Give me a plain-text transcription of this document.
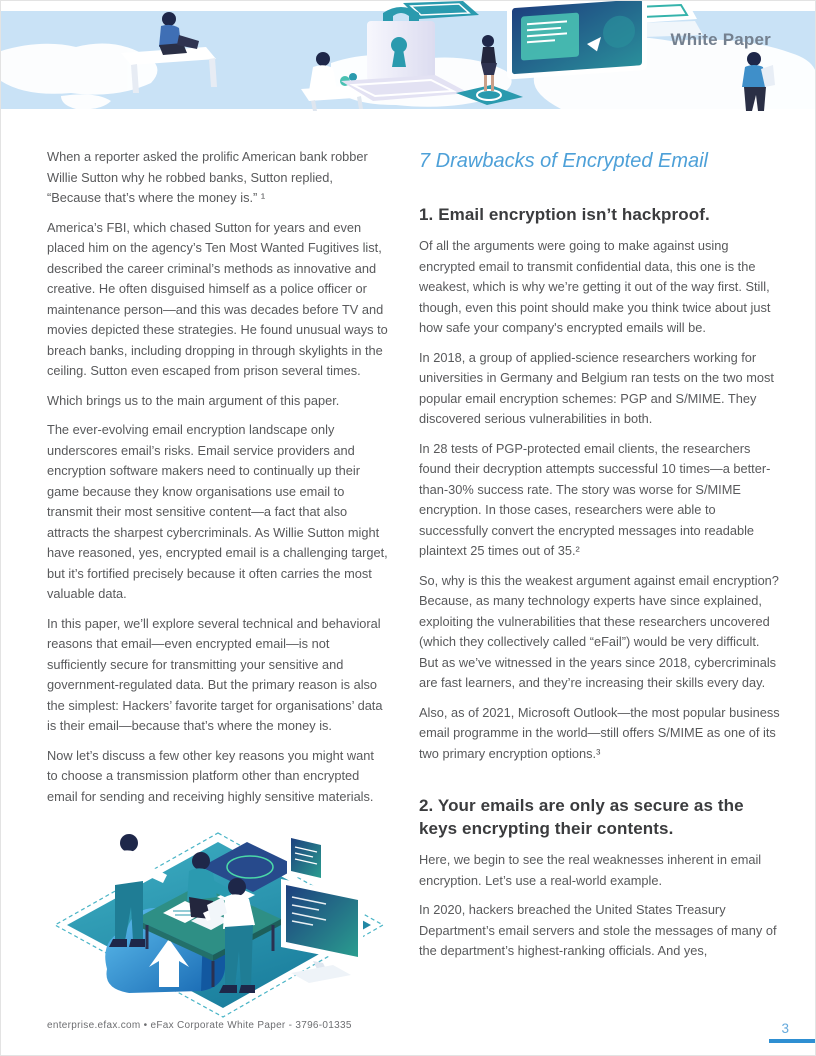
White Paper

When a reporter asked the prolific American bank robber Willie Sutton why he robbed banks, Sutton replied, “Because that’s where the money is.” ¹

America’s FBI, which chased Sutton for years and even placed him on the agency’s Ten Most Wanted Fugitives list, described the career criminal’s methods as innovative and creative. He often disguised himself as a police officer or maintenance person—and this was decades before TV and movies depicted these strategies. He found unusual ways to breach banks, including dropping in through skylights in the ceiling. Sutton even escaped from prison several times.

Which brings us to the main argument of this paper.

The ever-evolving email encryption landscape only underscores email’s risks. Email service providers and encryption software makers need to continually up their game because they know organisations use email to transmit their most sensitive content—a fact that also attracts the sharpest cybercriminals. As Willie Sutton might have reasoned, yes, encrypted email is a challenging target, but it’s fortified precisely because it often carries the most valuable data.

In this paper, we’ll explore several technical and behavioral reasons that email—even encrypted email—is not sufficiently secure for transmitting your sensitive and government-regulated data. But the primary reason is also the simplest: Hackers’ favorite target for organisations’ data is their email—because that’s where the money is.

Now let’s discuss a few other key reasons you might want to choose a transmission platform other than encrypted email for sending and receiving highly sensitive materials.

7 Drawbacks of Encrypted Email
1. Email encryption isn’t hackproof.

Of all the arguments were going to make against using encrypted email to transmit confidential data, this one is the weakest, which is why we’re getting it out of the way first. Still, though, even this point should make you think twice about just how safe your company's encrypted emails will be.

In 2018, a group of applied-science researchers working for universities in Germany and Belgium ran tests on the two most popular email encryption schemes: PGP and S/MIME. They discovered serious vulnerabilities in both.

In 28 tests of PGP-protected email clients, the researchers found their decryption attempts successful 10 times—a better-than-30% success rate. The story was worse for S/MIME encryption. In those cases, researchers were able to successfully convert the encrypted messages into readable plaintext 25 times out of 35.²

So, why is this the weakest argument against email encryption? Because, as many technology experts have since explained, exploiting the vulnerabilities that these researchers uncovered (which they collectively called “eFail”) would be very difficult. But as we’ve witnessed in the years since 2018, cybercriminals are fast learners, and they’re increasing their skills every day.

Also, as of 2021, Microsoft Outlook—the most popular business email programme in the world—still offers S/MIME as one of its two primary encryption options.³

2. Your emails are only as secure as the keys encrypting their contents.

Here, we begin to see the real weaknesses inherent in email encryption. Let’s use a real-world example.

In 2020, hackers breached the United States Treasury Department’s email servers and stole the messages of many of the department’s highest-ranking officials. And yes,

enterprise.efax.com • eFax Corporate White Paper - 3796-01335	3
